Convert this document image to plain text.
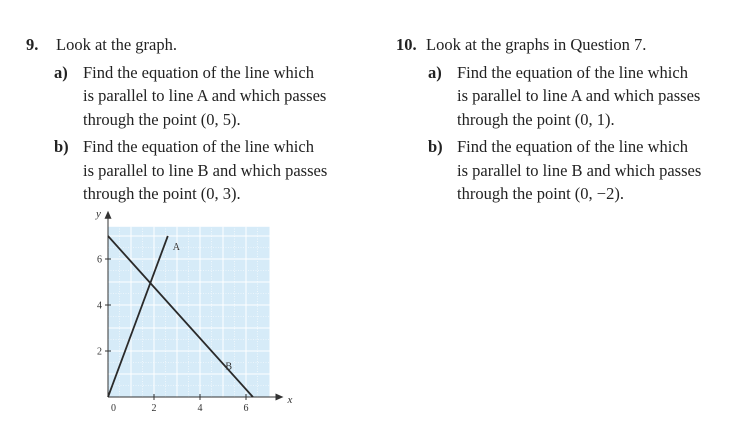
9.	Look at the graph.
a) Find the equation of the line which
is parallel to line A and which passes
through the point (0, 5).
b) Find the equation of the line which
is parallel to line B and which passes
through the point (0, 3).
10. Look at the graphs in Question 7.
a) Find the equation of the line which
is parallel to line A and which passes
through the point (0, 1).
b) Find the equation of the line which
is parallel to line B and which passes
through the point (0, −2).
x
y
2	4	6
2
4
6
0
A
B
